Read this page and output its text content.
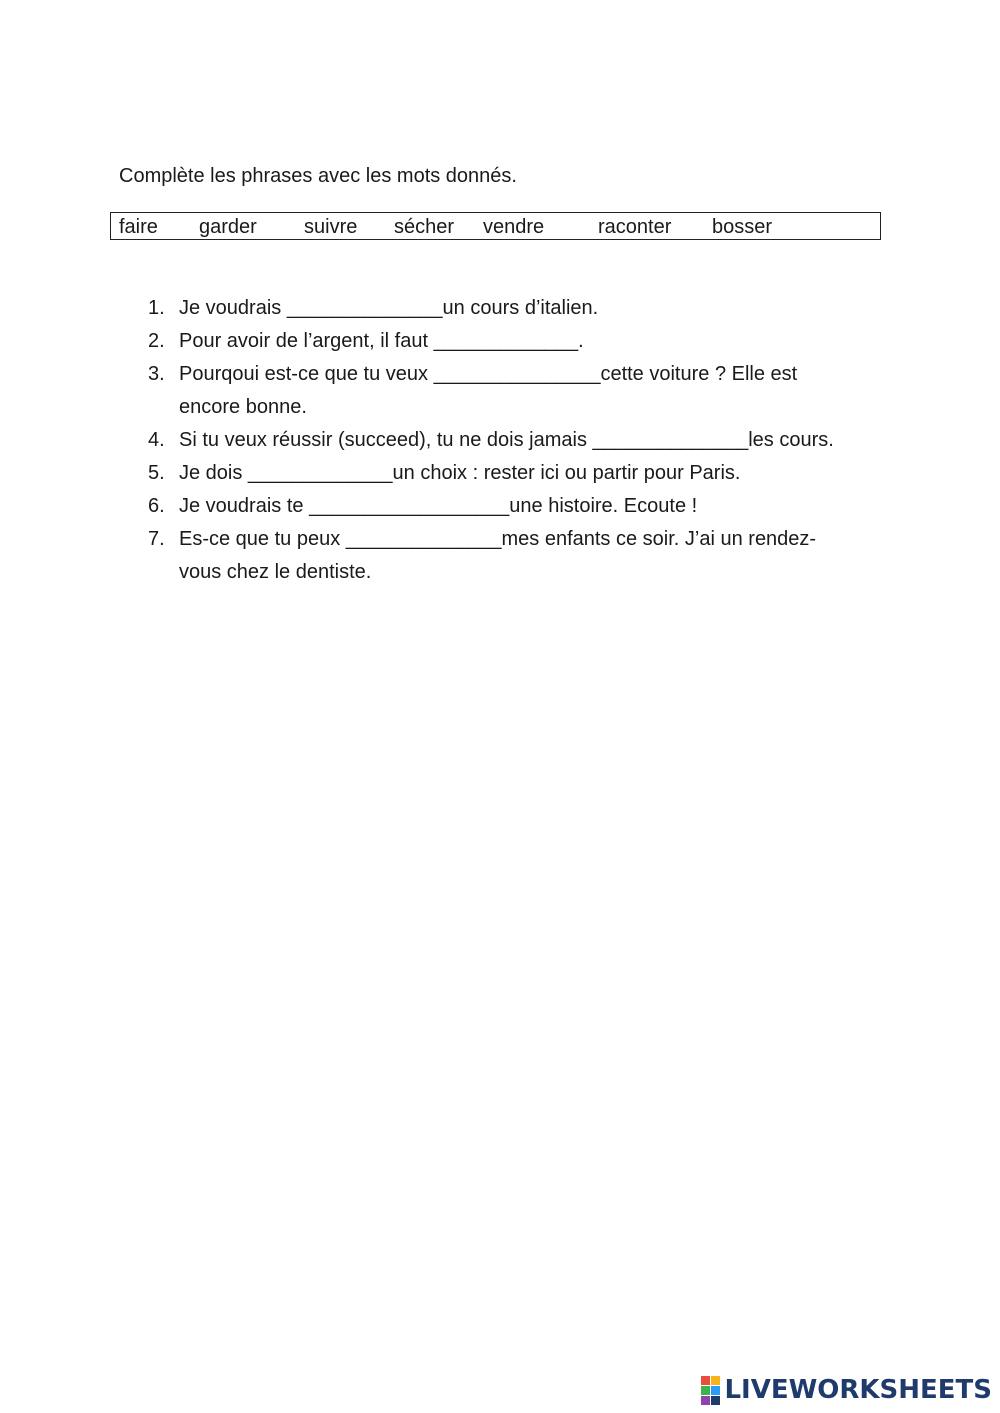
Complète les phrases avec les mots donnés.
faire garder suivre sécher vendre	raconter bosser
1. Je voudrais ______________un cours d’italien.
2. Pour avoir de l’argent, il faut _____________.
3. Pourqoui est-ce que tu veux _______________cette voiture ? Elle est
encore bonne.
4. Si tu veux réussir (succeed), tu ne dois jamais ______________les cours.
5. Je dois _____________un choix : rester ici ou partir pour Paris.
6. Je voudrais te __________________une histoire. Ecoute !
7. Es-ce que tu peux ______________mes enfants ce soir. J’ai un rendez-
vous chez le dentiste.
LIVEWORKSHEETS
